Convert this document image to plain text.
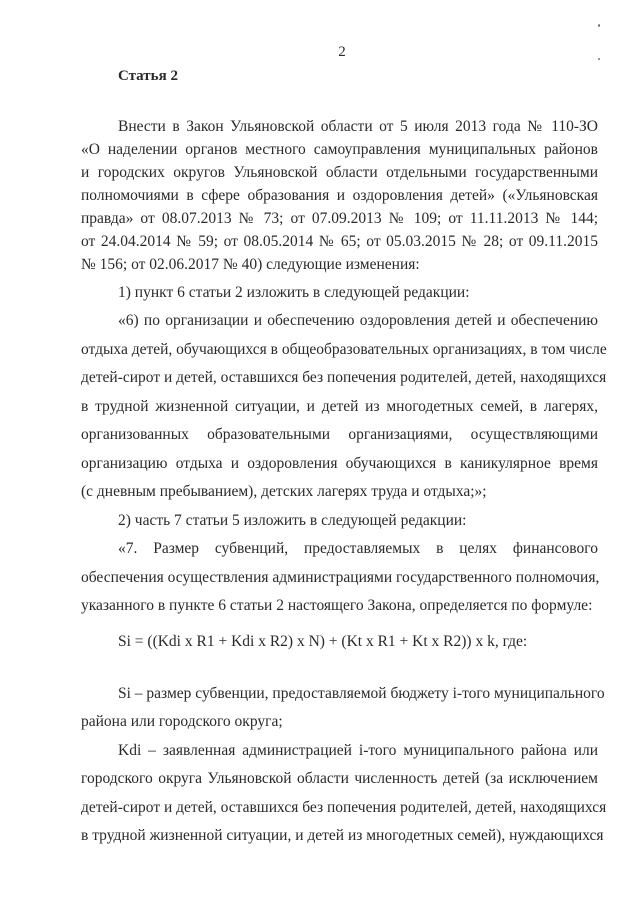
2
Статья 2
Внести в Закон Ульяновской области от 5 июля 2013 года № 110-ЗО
«О наделении органов местного самоуправления муниципальных районов
и городских округов Ульяновской области отдельными государственными
полномочиями в сфере образования и оздоровления детей» («Ульяновская
правда» от 08.07.2013 № 73; от 07.09.2013 № 109; от 11.11.2013 № 144;
от 24.04.2014 № 59; от 08.05.2014 № 65; от 05.03.2015 № 28; от 09.11.2015
№ 156; от 02.06.2017 № 40) следующие изменения:
1) пункт 6 статьи 2 изложить в следующей редакции:
«6) по организации и обеспечению оздоровления детей и обеспечению
отдыха детей, обучающихся в общеобразовательных организациях, в том числе
детей-сирот и детей, оставшихся без попечения родителей, детей, находящихся
в трудной жизненной ситуации, и детей из многодетных семей, в лагерях,
организованных образовательными организациями, осуществляющими
организацию отдыха и оздоровления обучающихся в каникулярное время
(с дневным пребыванием), детских лагерях труда и отдыха;»;
2) часть 7 статьи 5 изложить в следующей редакции:
«7. Размер субвенций, предоставляемых в целях финансового
обеспечения осуществления администрациями государственного полномочия,
указанного в пункте 6 статьи 2 настоящего Закона, определяется по формуле:
Si – размер субвенции, предоставляемой бюджету i-того муниципального
района или городского округа;
Kdi – заявленная администрацией i-того муниципального района или
городского округа Ульяновской области численность детей (за исключением
детей-сирот и детей, оставшихся без попечения родителей, детей, находящихся
в трудной жизненной ситуации, и детей из многодетных семей), нуждающихся
Si = ((Kdi x R1 + Kdi x R2) x N) + (Kt x R1 + Kt x R2)) x k, где:
